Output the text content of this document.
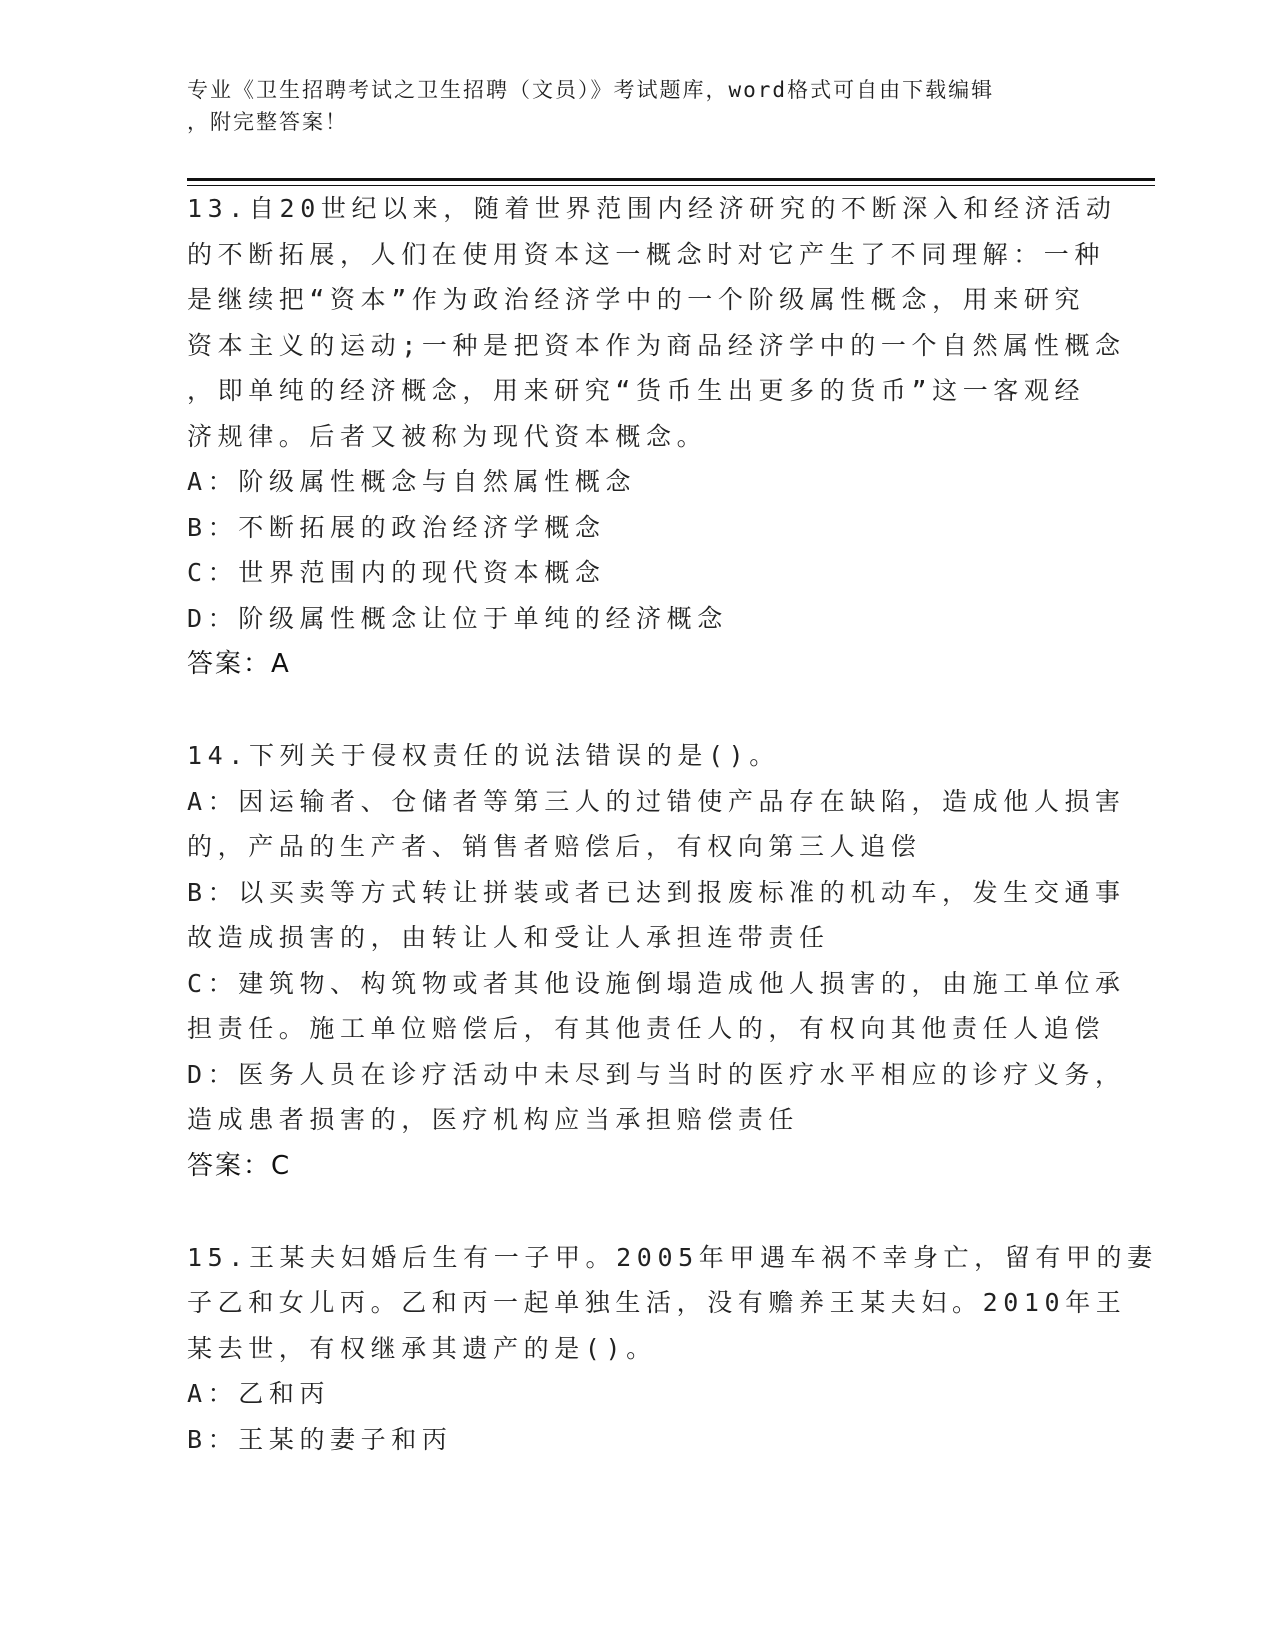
专业《卫生招聘考试之卫生招聘（文员）》考试题库，word格式可自由下载编辑
，附完整答案！
13.自20世纪以来，随着世界范围内经济研究的不断深入和经济活动
的不断拓展，人们在使用资本这一概念时对它产生了不同理解：一种
是继续把“资本”作为政治经济学中的一个阶级属性概念，用来研究
资本主义的运动;一种是把资本作为商品经济学中的一个自然属性概念
，即单纯的经济概念，用来研究“货币生出更多的货币”这一客观经
济规律。后者又被称为现代资本概念。
A：阶级属性概念与自然属性概念
B：不断拓展的政治经济学概念
C：世界范围内的现代资本概念
D：阶级属性概念让位于单纯的经济概念
答案：A
14.下列关于侵权责任的说法错误的是()。
A：因运输者、仓储者等第三人的过错使产品存在缺陷，造成他人损害
的，产品的生产者、销售者赔偿后，有权向第三人追偿
B：以买卖等方式转让拼装或者已达到报废标准的机动车，发生交通事
故造成损害的，由转让人和受让人承担连带责任
C：建筑物、构筑物或者其他设施倒塌造成他人损害的，由施工单位承
担责任。施工单位赔偿后，有其他责任人的，有权向其他责任人追偿
D：医务人员在诊疗活动中未尽到与当时的医疗水平相应的诊疗义务，
造成患者损害的，医疗机构应当承担赔偿责任
答案：C
15.王某夫妇婚后生有一子甲。2005年甲遇车祸不幸身亡，留有甲的妻
子乙和女儿丙。乙和丙一起单独生活，没有赡养王某夫妇。2010年王
某去世，有权继承其遗产的是()。
A：乙和丙
B：王某的妻子和丙
